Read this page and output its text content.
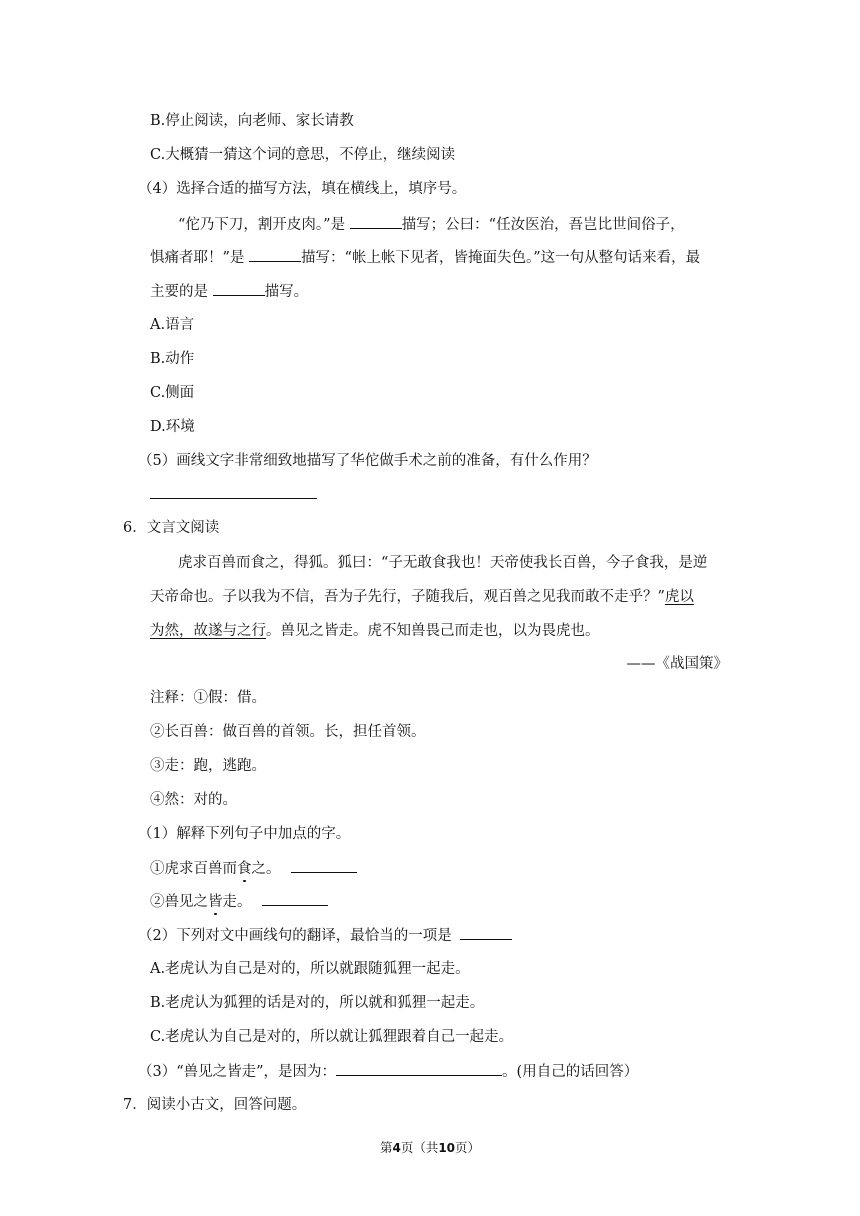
B.停止阅读，向老师、家长请教
C.大概猜一猜这个词的意思，不停止，继续阅读
（4）选择合适的描写方法，填在横线上，填序号。
“佗乃下刀，割开皮肉。”是	描写；公曰：“任汝医治，吾岂比世间俗子，
惧痛者耶！”是	描写：“帐上帐下见者，皆掩面失色。”这一句从整句话来看，最
主要的是	描写。
A.语言
B.动作
C.侧面
D.环境
（5）画线文字非常细致地描写了华佗做手术之前的准备，有什么作用？
6．文言文阅读
虎求百兽而食之，得狐。狐曰：“子无敢食我也！天帝使我长百兽，今子食我，是逆
天帝命也。子以我为不信，吾为子先行，子随我后，观百兽之见我而敢不走乎？”虎以
为然，故遂与之行。兽见之皆走。虎不知兽畏己而走也，以为畏虎也。
——《战国策》
注释：①假：借。
②长百兽：做百兽的首领。长，担任首领。
③走：跑，逃跑。
④然：对的。
（1）解释下列句子中加点的字。
①虎求百兽而食之。
②兽见之皆走。
（2）下列对文中画线句的翻译，最恰当的一项是
A.老虎认为自己是对的，所以就跟随狐狸一起走。
B.老虎认为狐狸的话是对的，所以就和狐狸一起走。
C.老虎认为自己是对的，所以就让狐狸跟着自己一起走。
（3）“兽见之皆走”，是因为：	。(用自己的话回答）
7．阅读小古文，回答问题。
第4页（共10页）
